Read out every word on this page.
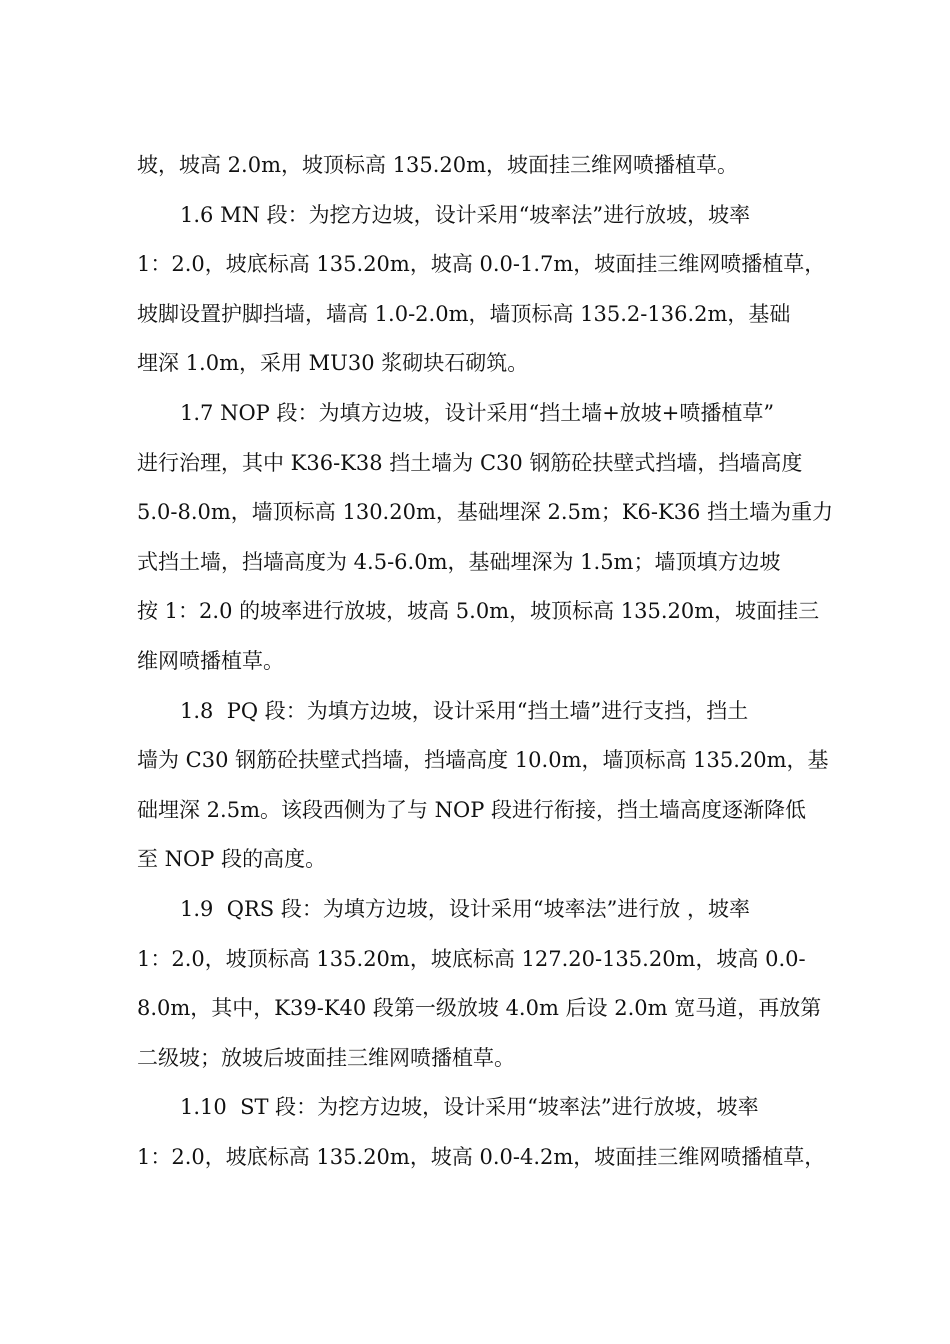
坡，坡高 2.0m，坡顶标高 135.20m，坡面挂三维网喷播植草。
1.6 MN 段：为挖方边坡，设计采用“坡率法”进行放坡，坡率
1：2.0，坡底标高 135.20m，坡高 0.0-1.7m，坡面挂三维网喷播植草，
坡脚设置护脚挡墙，墙高 1.0-2.0m，墙顶标高 135.2-136.2m，基础
埋深 1.0m，采用 MU30 浆砌块石砌筑。
1.7 NOP 段：为填方边坡，设计采用“挡土墙+放坡+喷播植草”
进行治理，其中 K36-K38 挡土墙为 C30 钢筋砼扶壁式挡墙，挡墙高度
5.0-8.0m，墙顶标高 130.20m，基础埋深 2.5m；K6-K36 挡土墙为重力
式挡土墙，挡墙高度为 4.5-6.0m，基础埋深为 1.5m；墙顶填方边坡
按 1：2.0 的坡率进行放坡，坡高 5.0m，坡顶标高 135.20m，坡面挂三
维网喷播植草。
1.8  PQ 段：为填方边坡，设计采用“挡土墙”进行支挡，挡土
墙为 C30 钢筋砼扶壁式挡墙，挡墙高度 10.0m，墙顶标高 135.20m，基
础埋深 2.5m。该段西侧为了与 NOP 段进行衔接，挡土墙高度逐渐降低
至 NOP 段的高度。
1.9  QRS 段：为填方边坡，设计采用“坡率法”进行放 ，坡率
1：2.0，坡顶标高 135.20m，坡底标高 127.20-135.20m，坡高 0.0-
8.0m，其中，K39-K40 段第一级放坡 4.0m 后设 2.0m 宽马道，再放第
二级坡；放坡后坡面挂三维网喷播植草。
1.10  ST 段：为挖方边坡，设计采用“坡率法”进行放坡，坡率
1：2.0，坡底标高 135.20m，坡高 0.0-4.2m，坡面挂三维网喷播植草，
